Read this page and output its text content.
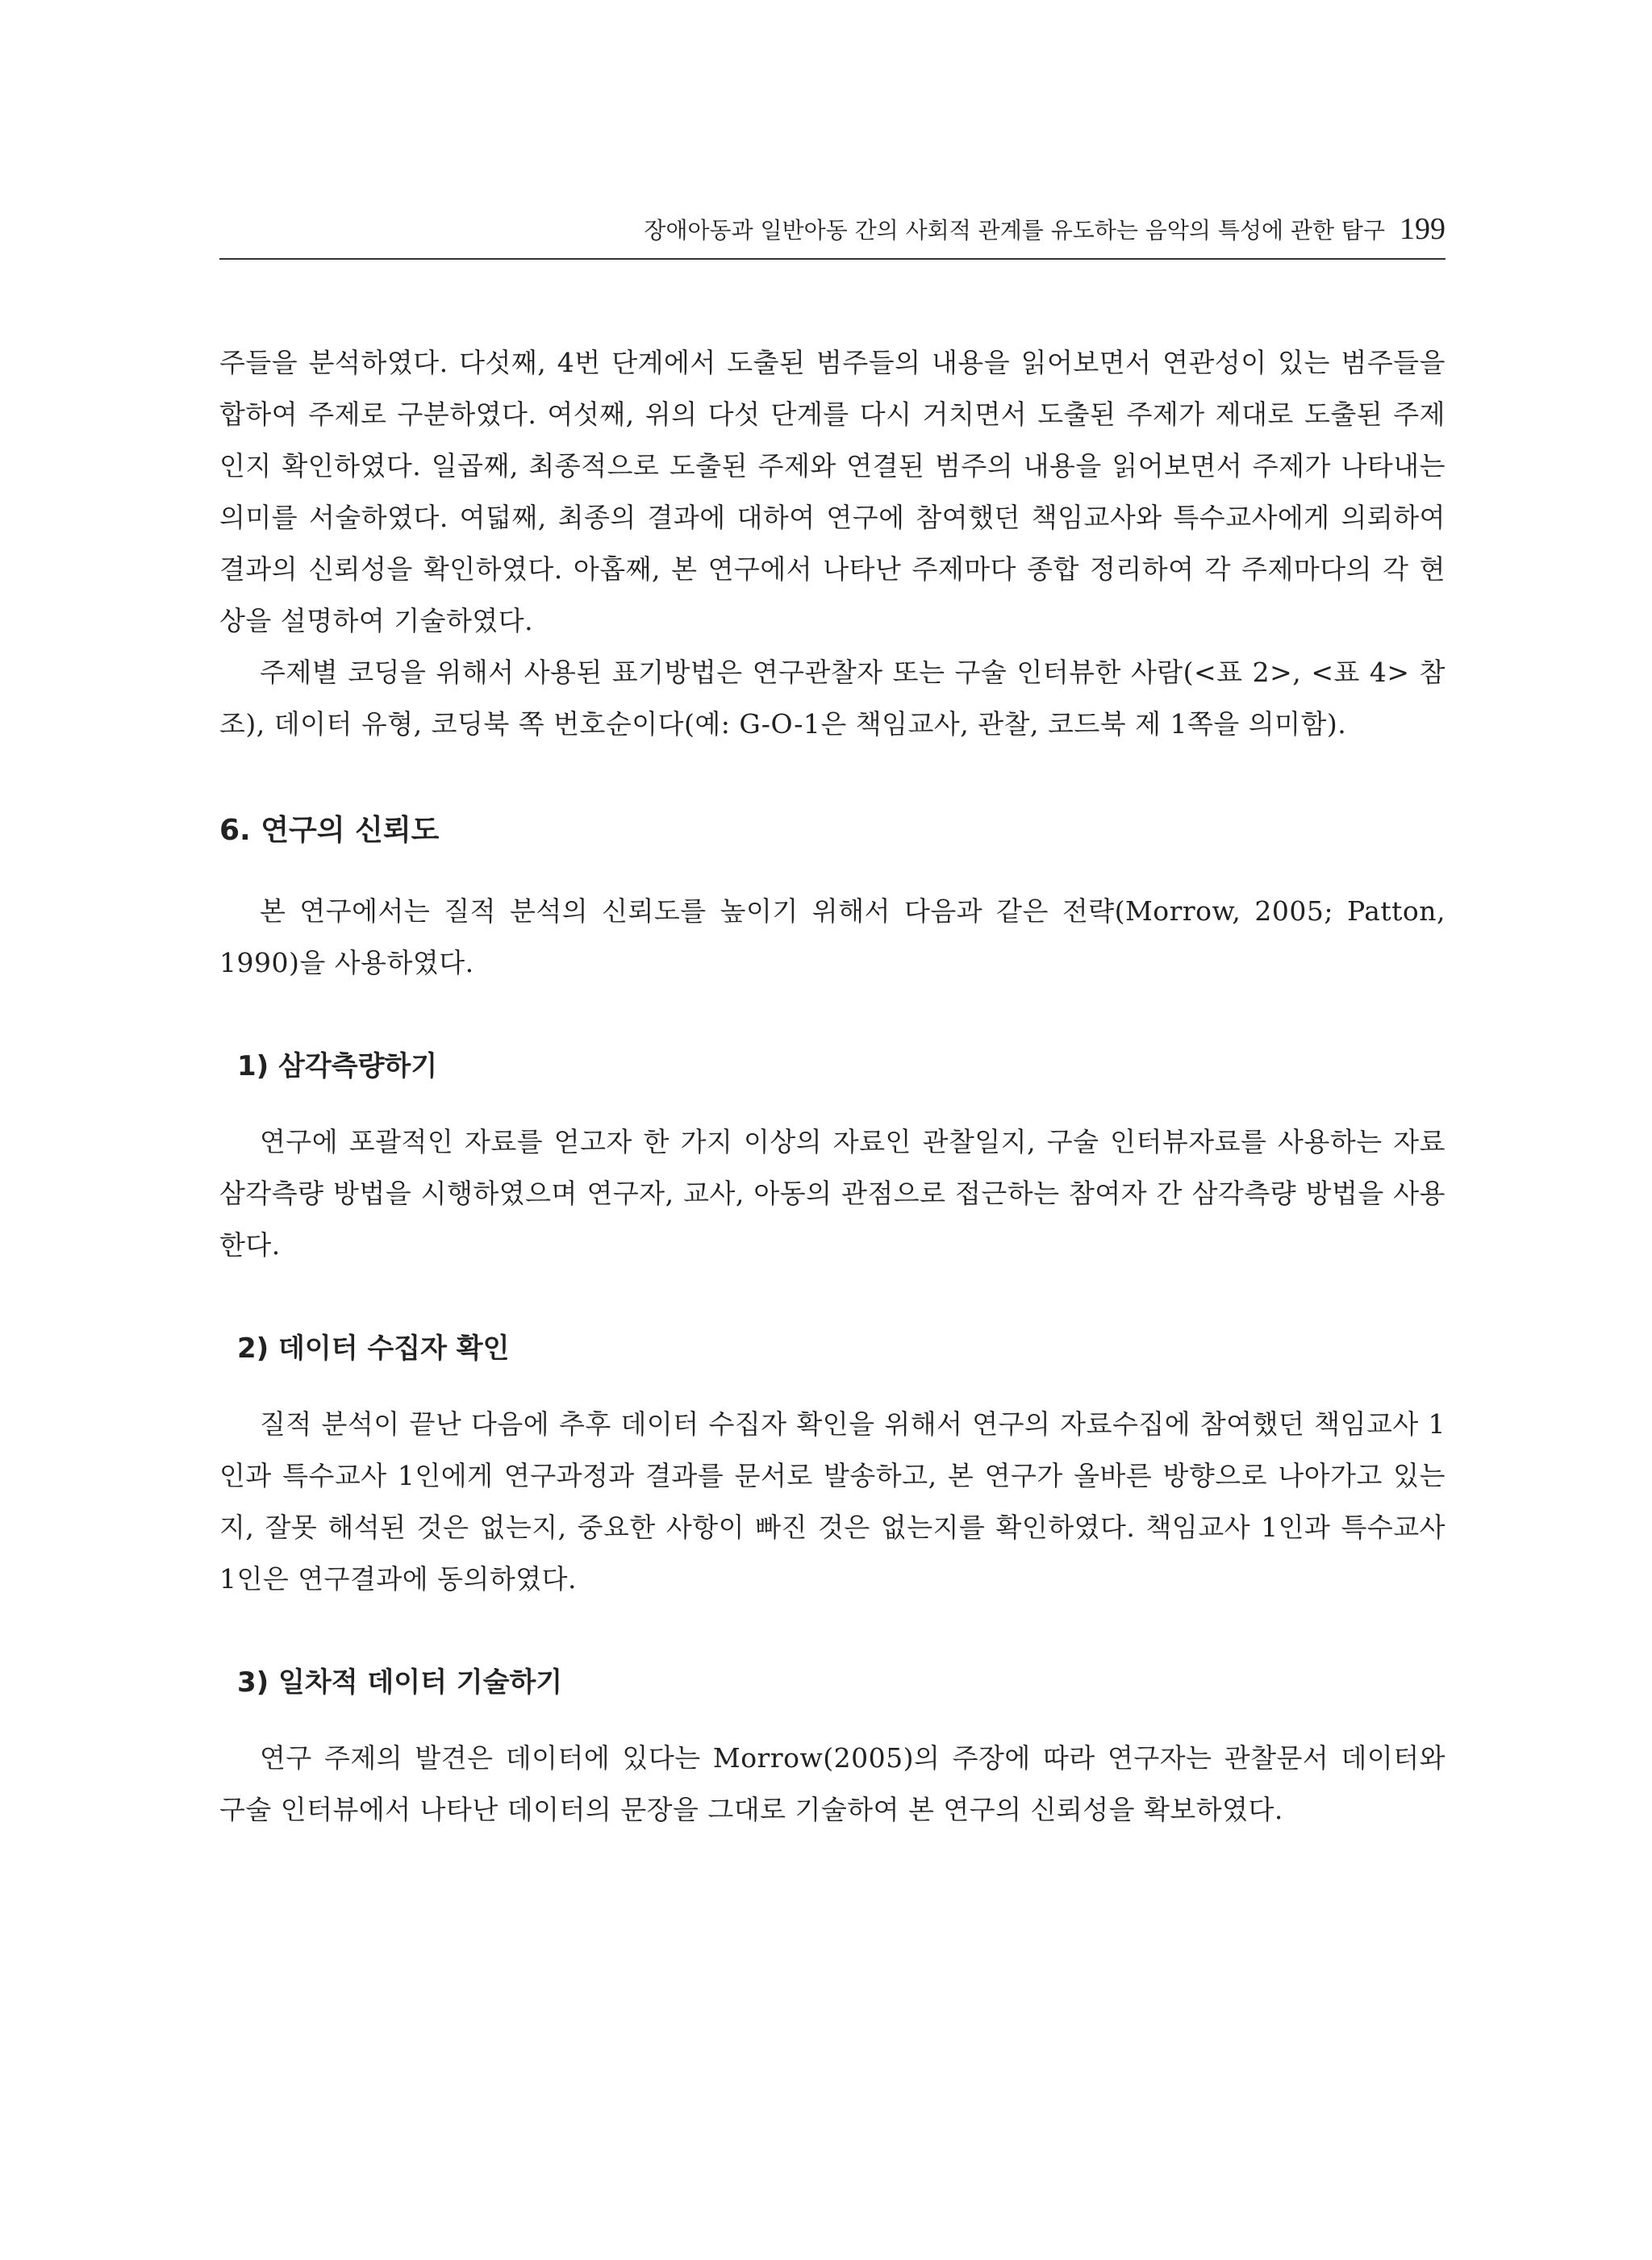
장애아동과 일반아동 간의 사회적 관계를 유도하는 음악의 특성에 관한 탐구 199

주들을 분석하였다. 다섯째, 4번 단계에서 도출된 범주들의 내용을 읽어보면서 연관성이 있는 범주들을 합하여 주제로 구분하였다. 여섯째, 위의 다섯 단계를 다시 거치면서 도출된 주제가 제대로 도출된 주제인지 확인하였다. 일곱째, 최종적으로 도출된 주제와 연결된 범주의 내용을 읽어보면서 주제가 나타내는 의미를 서술하였다. 여덟째, 최종의 결과에 대하여 연구에 참여했던 책임교사와 특수교사에게 의뢰하여 결과의 신뢰성을 확인하였다. 아홉째, 본 연구에서 나타난 주제마다 종합 정리하여 각 주제마다의 각 현상을 설명하여 기술하였다.

주제별 코딩을 위해서 사용된 표기방법은 연구관찰자 또는 구술 인터뷰한 사람(<표 2>, <표 4> 참조), 데이터 유형, 코딩북 쪽 번호순이다(예: G-O-1은 책임교사, 관찰, 코드북 제 1쪽을 의미함).

6. 연구의 신뢰도

본 연구에서는 질적 분석의 신뢰도를 높이기 위해서 다음과 같은 전략(Morrow, 2005; Patton, 1990)을 사용하였다.

1) 삼각측량하기

연구에 포괄적인 자료를 얻고자 한 가지 이상의 자료인 관찰일지, 구술 인터뷰자료를 사용하는 자료 삼각측량 방법을 시행하였으며 연구자, 교사, 아동의 관점으로 접근하는 참여자 간 삼각측량 방법을 사용한다.

2) 데이터 수집자 확인

질적 분석이 끝난 다음에 추후 데이터 수집자 확인을 위해서 연구의 자료수집에 참여했던 책임교사 1인과 특수교사 1인에게 연구과정과 결과를 문서로 발송하고, 본 연구가 올바른 방향으로 나아가고 있는지, 잘못 해석된 것은 없는지, 중요한 사항이 빠진 것은 없는지를 확인하였다. 책임교사 1인과 특수교사 1인은 연구결과에 동의하였다.

3) 일차적 데이터 기술하기

연구 주제의 발견은 데이터에 있다는 Morrow(2005)의 주장에 따라 연구자는 관찰문서 데이터와 구술 인터뷰에서 나타난 데이터의 문장을 그대로 기술하여 본 연구의 신뢰성을 확보하였다.
